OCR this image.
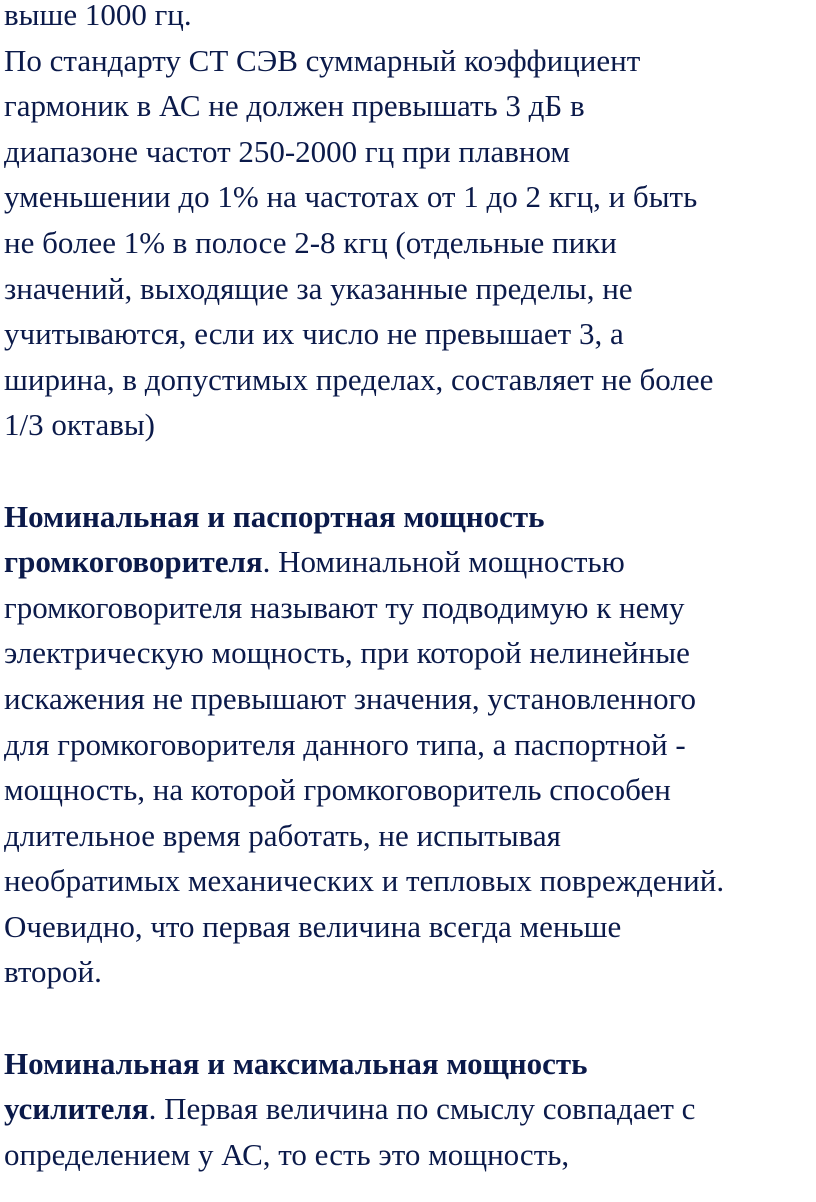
выше 1000 гц.
По стандарту СТ СЭВ суммарный коэффициент
гармоник в АС не должен превышать 3 дБ в
диапазоне частот 250-2000 гц при плавном
уменьшении до 1% на частотах от 1 до 2 кгц, и быть
не более 1% в полосе 2-8 кгц (отдельные пики
значений, выходящие за указанные пределы, не
учитываются, если их число не превышает 3, а
ширина, в допустимых пределах, составляет не более
1/3 октавы)
Номинальная и паспортная мощность
громкоговорителя. Номинальной мощностью
громкоговорителя называют ту подводимую к нему
электрическую мощность, при которой нелинейные
искажения не превышают значения, установленного
для громкоговорителя данного типа, а паспортной -
мощность, на которой громкоговоритель способен
длительное время работать, не испытывая
необратимых механических и тепловых повреждений.
Очевидно, что первая величина всегда меньше
второй.
Номинальная и максимальная мощность
усилителя. Первая величина по смыслу совпадает с
определением у АС, то есть это мощность,
